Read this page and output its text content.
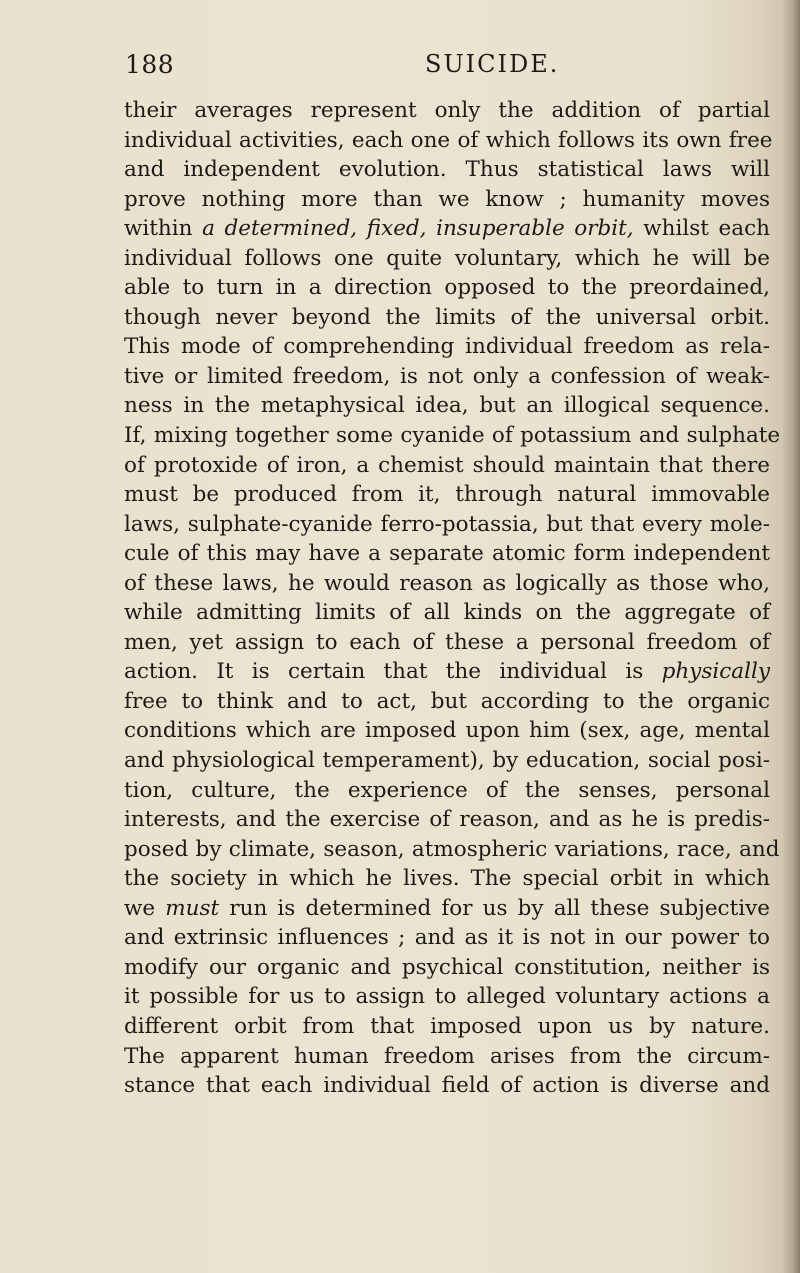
188	SUICIDE.
their averages represent only the addition of partial
individual activities, each one of which follows its own free
and independent evolution. Thus statistical laws will
prove nothing more than we know ; humanity moves
within a determined, fixed, insuperable orbit, whilst each
individual follows one quite voluntary, which he will be
able to turn in a direction opposed to the preordained,
though never beyond the limits of the universal orbit.
This mode of comprehending individual freedom as rela-
tive or limited freedom, is not only a confession of weak-
ness in the metaphysical idea, but an illogical sequence.
If, mixing together some cyanide of potassium and sulphate
of protoxide of iron, a chemist should maintain that there
must be produced from it, through natural immovable
laws, sulphate-cyanide ferro-potassia, but that every mole-
cule of this may have a separate atomic form independent
of these laws, he would reason as logically as those who,
while admitting limits of all kinds on the aggregate of
men, yet assign to each of these a personal freedom of
action. It is certain that the individual is physically
free to think and to act, but according to the organic
conditions which are imposed upon him (sex, age, mental
and physiological temperament), by education, social posi-
tion, culture, the experience of the senses, personal
interests, and the exercise of reason, and as he is predis-
posed by climate, season, atmospheric variations, race, and
the society in which he lives. The special orbit in which
we must run is determined for us by all these subjective
and extrinsic influences ; and as it is not in our power to
modify our organic and psychical constitution, neither is
it possible for us to assign to alleged voluntary actions a
different orbit from that imposed upon us by nature.
The apparent human freedom arises from the circum-
stance that each individual field of action is diverse and
